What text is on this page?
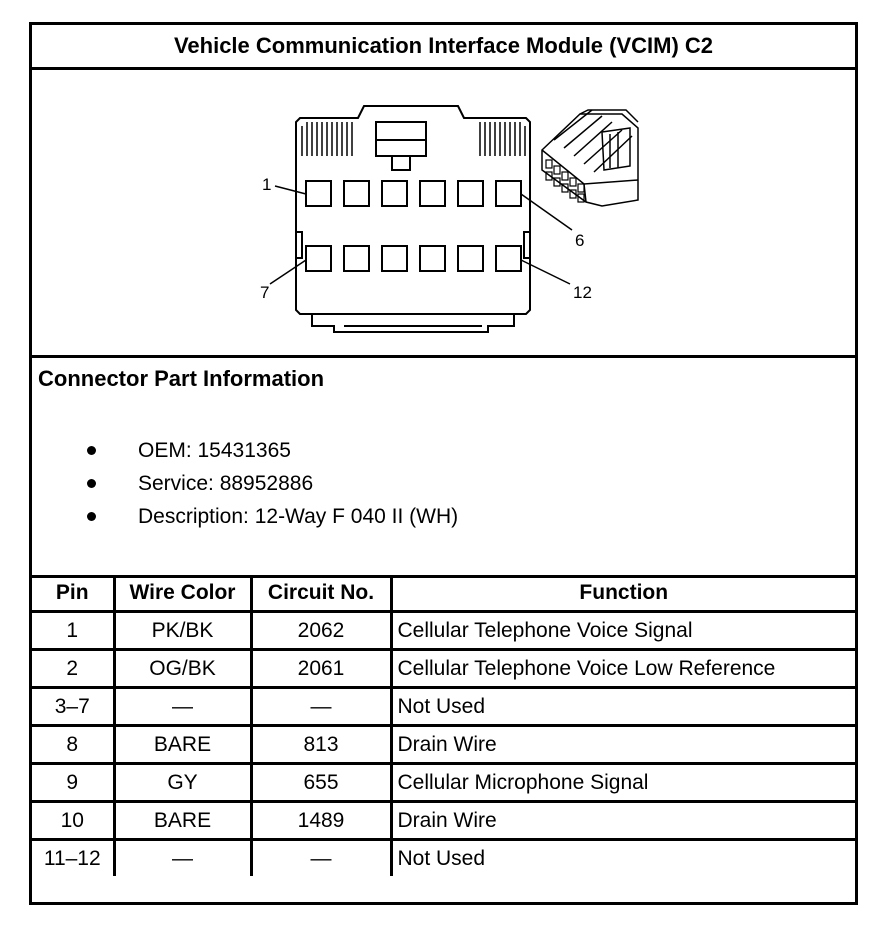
Vehicle Communication Interface Module (VCIM) C2
1
6
7	12
Connector Part Information
OEM: 15431365
Service: 88952886
Description: 12-Way F 040 II (WH)
Pin	Wire Color	Circuit No.	Function
1	PK/BK	2062	Cellular Telephone Voice Signal
2	OG/BK	2061	Cellular Telephone Voice Low Reference
3–7	—	—	Not Used
8	BARE	813	Drain Wire
9	GY	655	Cellular Microphone Signal
10	BARE	1489	Drain Wire
11–12	—	—	Not Used
